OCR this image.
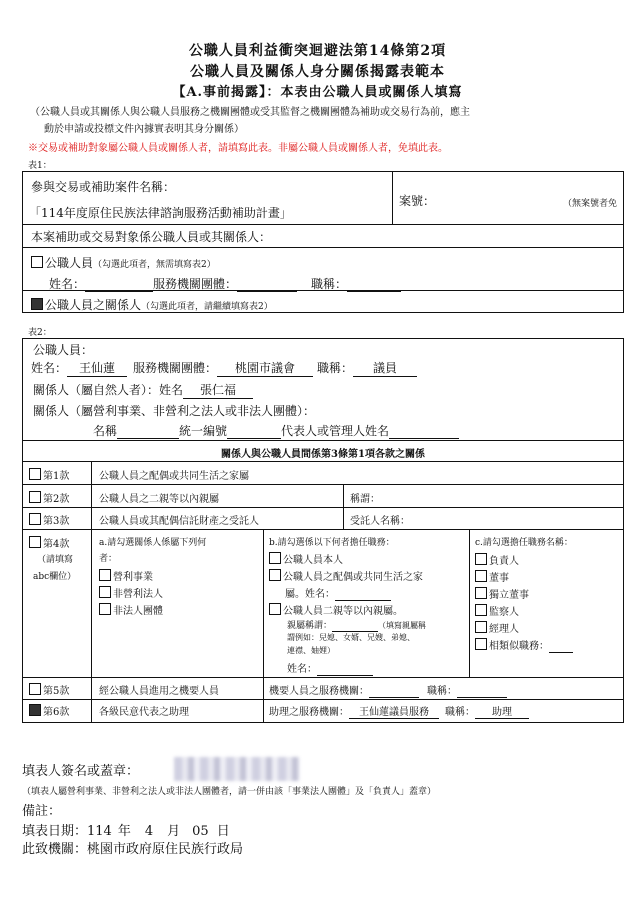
公職人員利益衝突迴避法第14條第2項
公職人員及關係人身分關係揭露表範本
【A.事前揭露】：本表由公職人員或關係人填寫
（公職人員或其關係人與公職人員服務之機關團體或受其監督之機關團體為補助或交易行為前，應主
動於申請或投標文件內據實表明其身分關係）
※交易或補助對象屬公職人員或關係人者，請填寫此表。非屬公職人員或關係人者，免填此表。
表1：
參與交易或補助案件名稱：
「114年度原住民族法律諮詢服務活動補助計畫」
案號：	（無案號者免
本案補助或交易對象係公職人員或其關係人：
公職人員（勾選此項者，無需填寫表2）
姓名：	服務機關團體：	職稱：
公職人員之關係人（勾選此項者，請繼續填寫表2）
表2：
公職人員：
姓名： 王仙蓮 服務機關團體： 桃園市議會 職稱： 議員
關係人（屬自然人者）：姓名 張仁福
關係人（屬營利事業、非營利之法人或非法人團體）：
名稱	統一編號	代表人或管理人姓名
關係人與公職人員間係第3條第1項各款之關係
第1款	公職人員之配偶或共同生活之家屬
第2款	公職人員之二親等以內親屬	稱謂：
第3款	公職人員或其配偶信託財產之受託人	受託人名稱：
第4款
（請填寫
abc欄位）
a.請勾選關係人係屬下列何
者：
營利事業
非營利法人
非法人團體
b.請勾選係以下何者擔任職務：
公職人員本人
公職人員之配偶或共同生活之家
屬。姓名：
公職人員二親等以內親屬。
親屬稱謂：	（填寫親屬稱
謂例如：兒媳、女婿、兄嫂、弟媳、
連襟、妯娌）
姓名：
c.請勾選擔任職務名稱：
負責人
董事
獨立董事
監察人
經理人
相類似職務：
第5款	經公職人員進用之機要人員	機要人員之服務機關：	職稱：
第6款	各級民意代表之助理	助理之服務機關： 王仙蓮議員服務 職稱： 助理
填表人簽名或蓋章：
（填表人屬營利事業、非營利之法人或非法人團體者，請一併由該「事業法人團體」及「負責人」蓋章）
備註：
填表日期：114 年 4 月 05 日
此致機關：桃園市政府原住民族行政局
